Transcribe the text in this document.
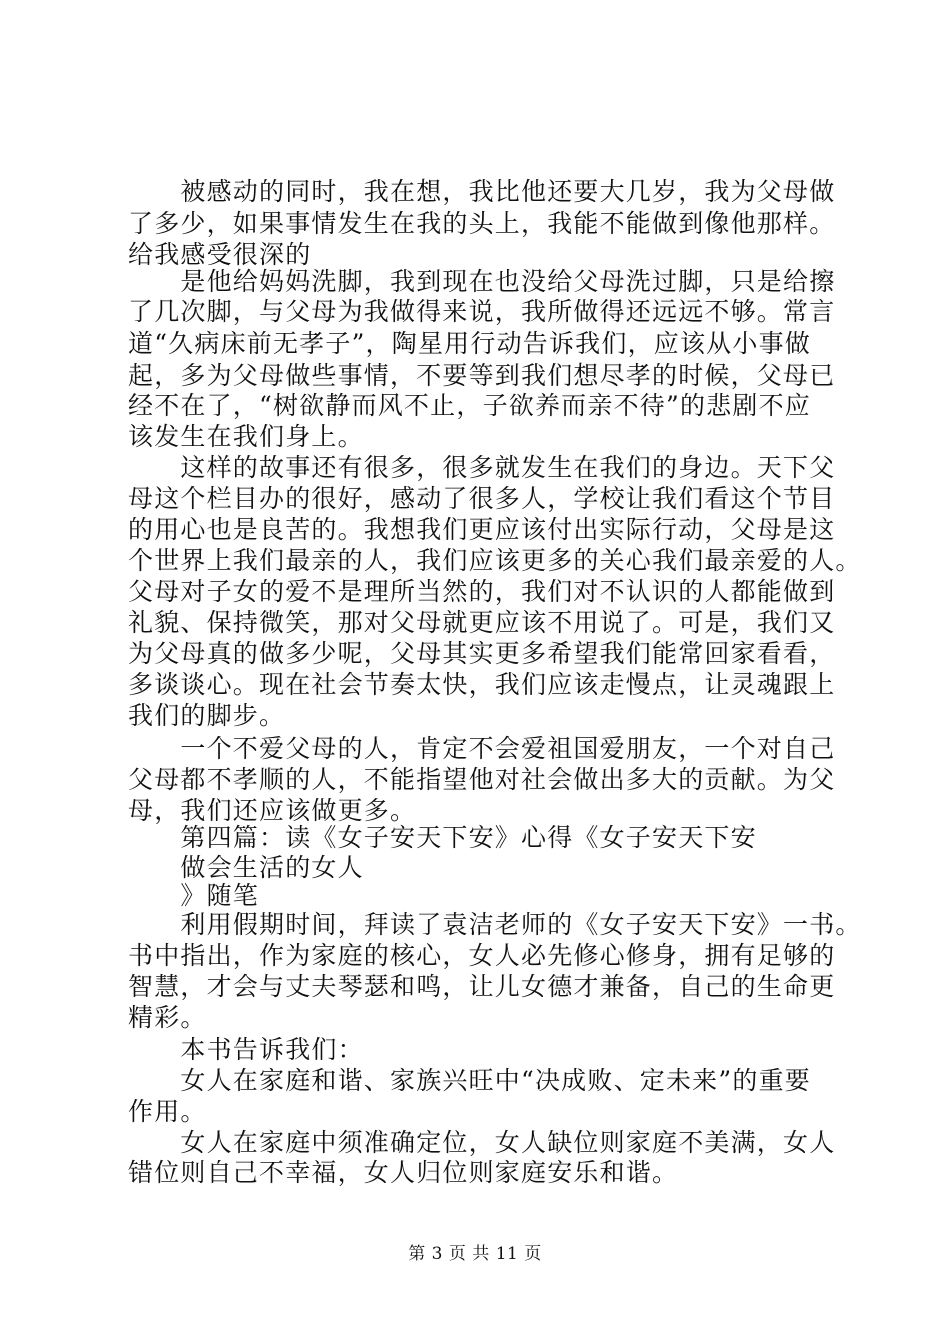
　　被感动的同时，我在想，我比他还要大几岁，我为父母做
了多少，如果事情发生在我的头上，我能不能做到像他那样。
给我感受很深的
　　是他给妈妈洗脚，我到现在也没给父母洗过脚，只是给擦
了几次脚，与父母为我做得来说，我所做得还远远不够。常言
道“久病床前无孝子”，陶星用行动告诉我们，应该从小事做
起，多为父母做些事情，不要等到我们想尽孝的时候，父母已
经不在了，“树欲静而风不止，子欲养而亲不待”的悲剧不应
该发生在我们身上。
　　这样的故事还有很多，很多就发生在我们的身边。天下父
母这个栏目办的很好，感动了很多人，学校让我们看这个节目
的用心也是良苦的。我想我们更应该付出实际行动，父母是这
个世界上我们最亲的人，我们应该更多的关心我们最亲爱的人。
父母对子女的爱不是理所当然的，我们对不认识的人都能做到
礼貌、保持微笑，那对父母就更应该不用说了。可是，我们又
为父母真的做多少呢，父母其实更多希望我们能常回家看看，
多谈谈心。现在社会节奏太快，我们应该走慢点，让灵魂跟上
我们的脚步。
　　一个不爱父母的人，肯定不会爱祖国爱朋友，一个对自己
父母都不孝顺的人，不能指望他对社会做出多大的贡献。为父
母，我们还应该做更多。
　　第四篇：读《女子安天下安》心得《女子安天下安
　　做会生活的女人
　　》随笔
　　利用假期时间，拜读了袁洁老师的《女子安天下安》一书。
书中指出，作为家庭的核心，女人必先修心修身，拥有足够的
智慧，才会与丈夫琴瑟和鸣，让儿女德才兼备，自己的生命更
精彩。
　　本书告诉我们：
　　女人在家庭和谐、家族兴旺中“决成败、定未来”的重要
作用。
　　女人在家庭中须准确定位，女人缺位则家庭不美满，女人
错位则自己不幸福，女人归位则家庭安乐和谐。
第 3 页 共 11 页
